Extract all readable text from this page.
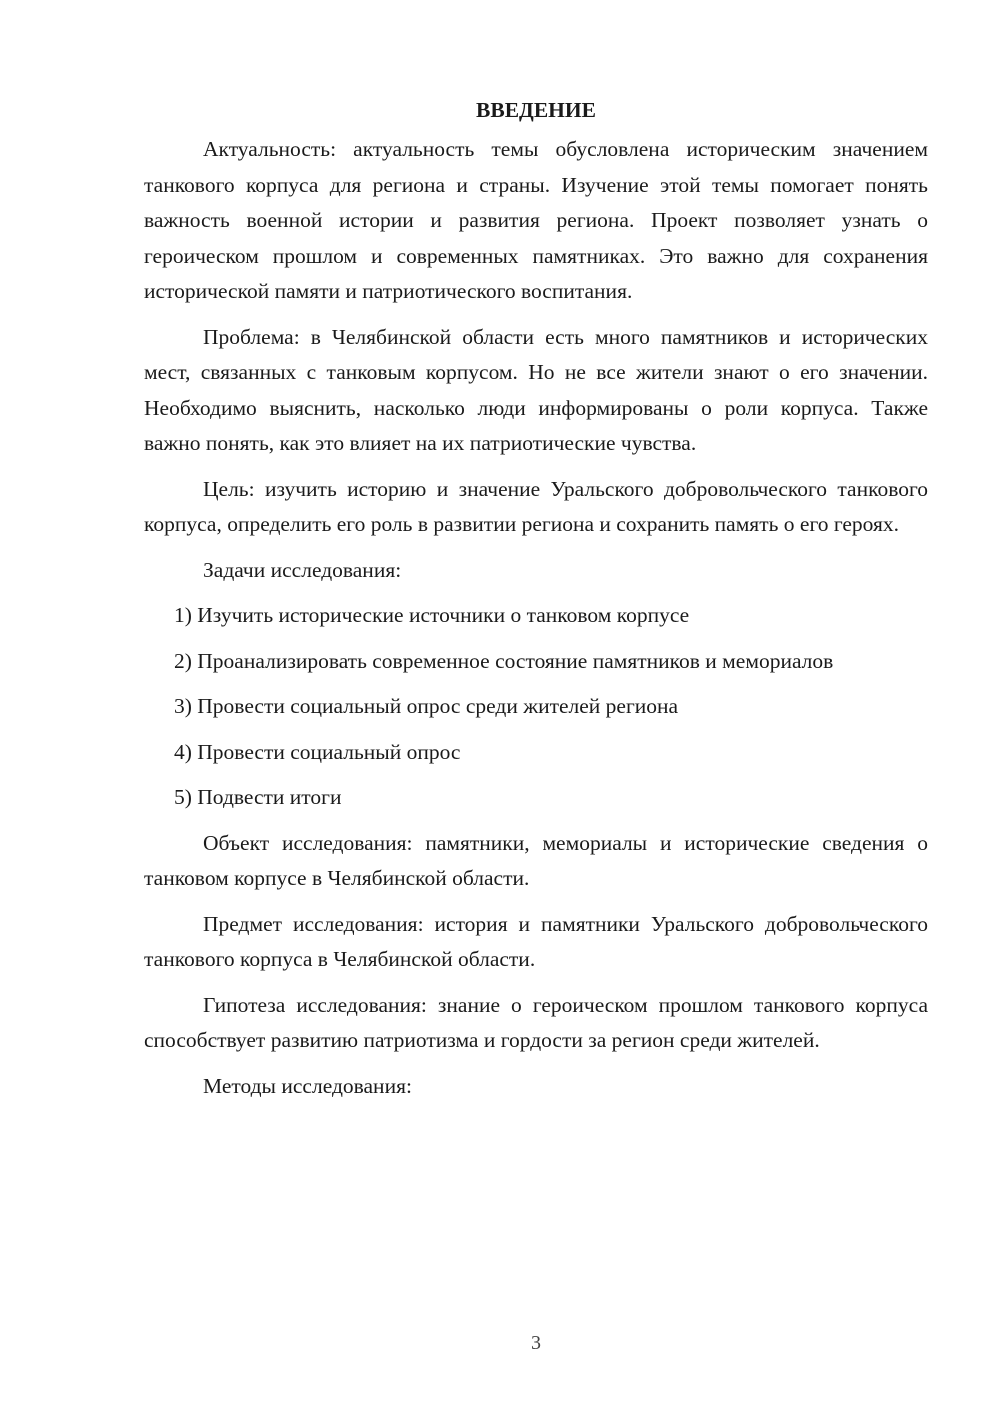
ВВЕДЕНИЕ

Актуальность: актуальность темы обусловлена историческим значением танкового корпуса для региона и страны. Изучение этой темы помогает понять важность военной истории и развития региона. Проект позволяет узнать о героическом прошлом и современных памятниках. Это важно для сохранения исторической памяти и патриотического воспитания.

Проблема: в Челябинской области есть много памятников и исторических мест, связанных с танковым корпусом. Но не все жители знают о его значении. Необходимо выяснить, насколько люди информированы о роли корпуса. Также важно понять, как это влияет на их патриотические чувства.

Цель: изучить историю и значение Уральского добровольческого танкового корпуса, определить его роль в развитии региона и сохранить память о его героях.

Задачи исследования:

1) Изучить исторические источники о танковом корпусе

2) Проанализировать современное состояние памятников и мемориалов

3) Провести социальный опрос среди жителей региона

4) Провести социальный опрос

5) Подвести итоги

Объект исследования: памятники, мемориалы и исторические сведения о танковом корпусе в Челябинской области.

Предмет исследования: история и памятники Уральского добровольческого танкового корпуса в Челябинской области.

Гипотеза исследования: знание о героическом прошлом танкового корпуса способствует развитию патриотизма и гордости за регион среди жителей.

Методы исследования:

3
